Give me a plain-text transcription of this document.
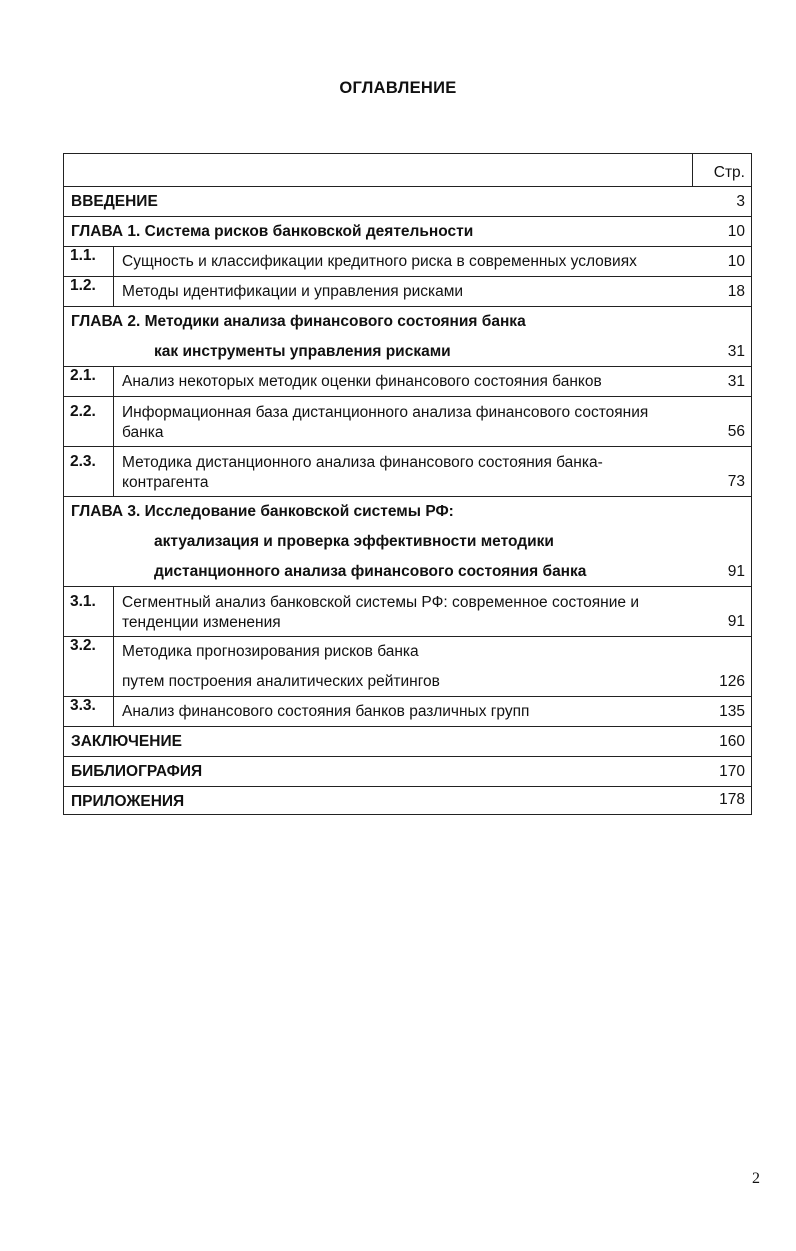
ОГЛАВЛЕНИЕ
Стр.
ВВЕДЕНИЕ	3
ГЛАВА 1. Система рисков банковской деятельности	10
1.1.	Сущность и классификации кредитного риска в современных условиях	10
1.2.	Методы идентификации и управления рисками	18
ГЛАВА 2. Методики анализа финансового состояния банка
как инструменты управления рисками	31
2.1.	Анализ некоторых методик оценки финансового состояния банков	31
2.2.	Информационная база дистанционного анализа финансового состояния
банка	56
2.3.	Методика дистанционного анализа финансового состояния банка-
контрагента	73
ГЛАВА 3. Исследование банковской системы РФ:
актуализация и проверка эффективности методики
дистанционного анализа финансового состояния банка	91
3.1.	Сегментный анализ банковской системы РФ: современное состояние и
тенденции изменения	91
3.2.	Методика прогнозирования рисков банка
путем построения аналитических рейтингов	126
3.3.	Анализ финансового состояния банков различных групп	135
ЗАКЛЮЧЕНИЕ	160
БИБЛИОГРАФИЯ	170
ПРИЛОЖЕНИЯ	178
2
